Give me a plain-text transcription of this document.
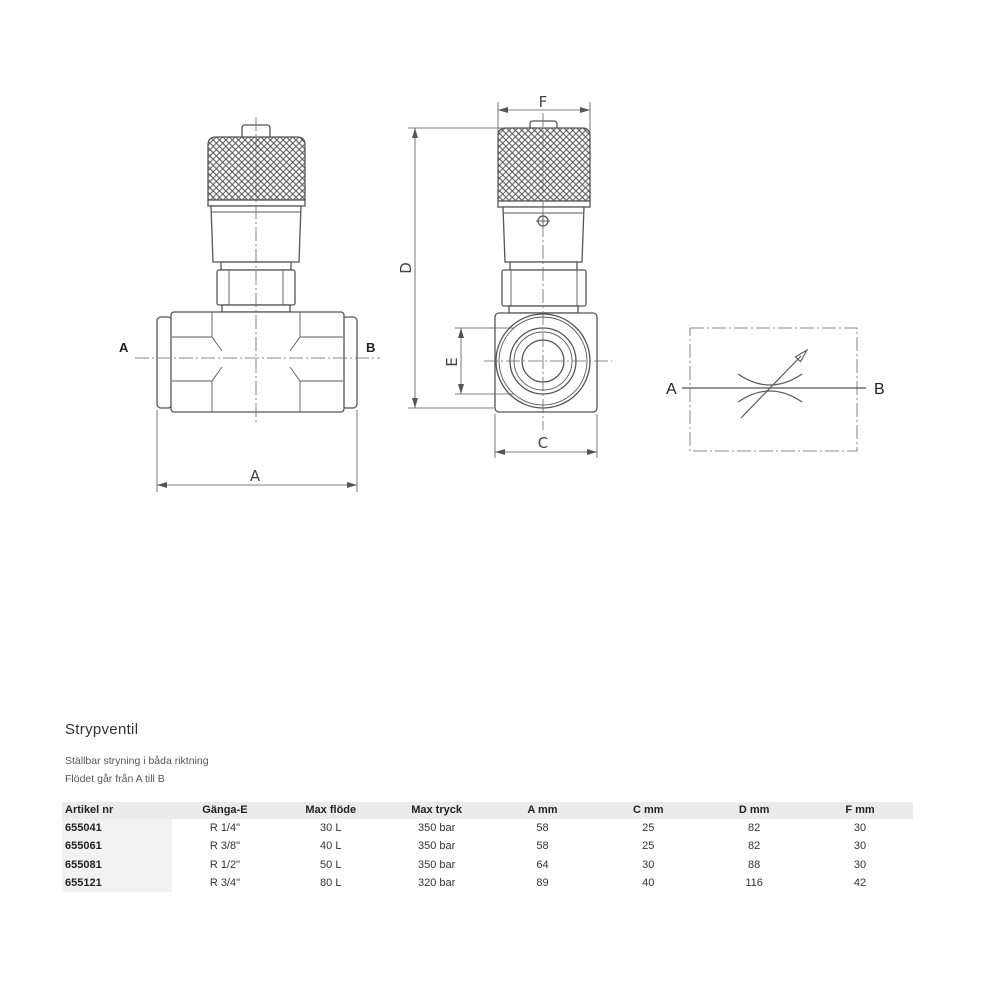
A	B
A
F
D
E
C
A	B
Strypventil
Ställbar stryning i båda riktning
Flödet går från A till B
Artikel nr	Gänga-E	Max flöde	Max tryck	A mm	C mm	D mm	F mm
655041	R 1/4"	30 L	350 bar	58	25	82	30
655061	R 3/8"	40 L	350 bar	58	25	82	30
655081	R 1/2"	50 L	350 bar	64	30	88	30
655121	R 3/4"	80 L	320 bar	89	40	116	42
